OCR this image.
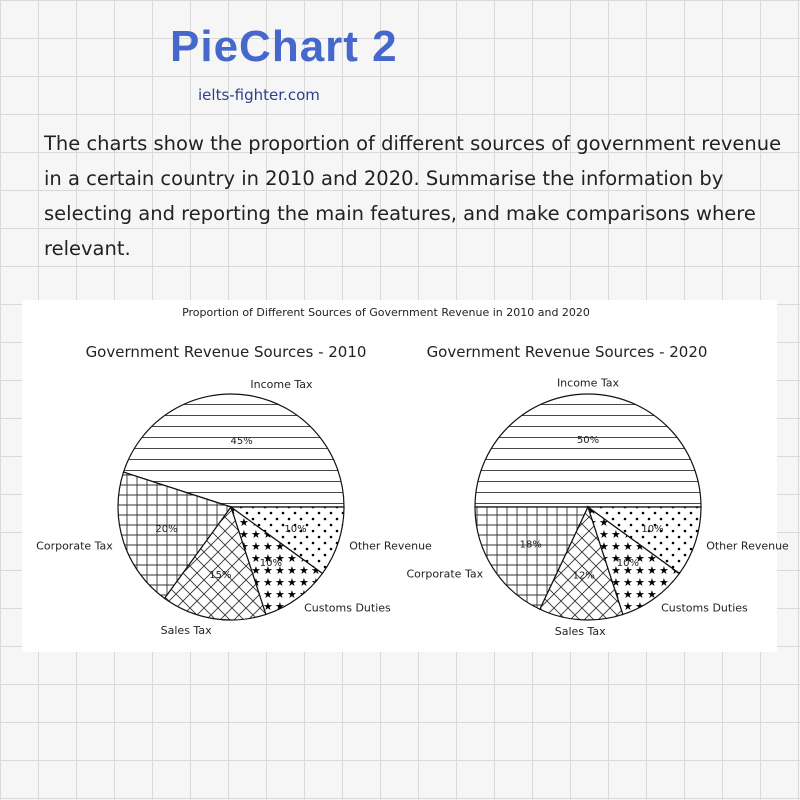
PieChart 2
ielts-fighter.com
The charts show the proportion of different sources of government revenue in a certain country in 2010 and 2020. Summarise the information by selecting and reporting the main features, and make comparisons where relevant.
Proportion of Different Sources of Government Revenue in 2010 and 2020
Government Revenue Sources - 2010
45%
Income Tax
20%
Corporate Tax
15%
Sales Tax
10%
Customs Duties
10%
Other Revenue
Government Revenue Sources - 2020
50%
Income Tax
18%
Corporate Tax	12%
Sales Tax
10%
Customs Duties
10%
Other Revenue
